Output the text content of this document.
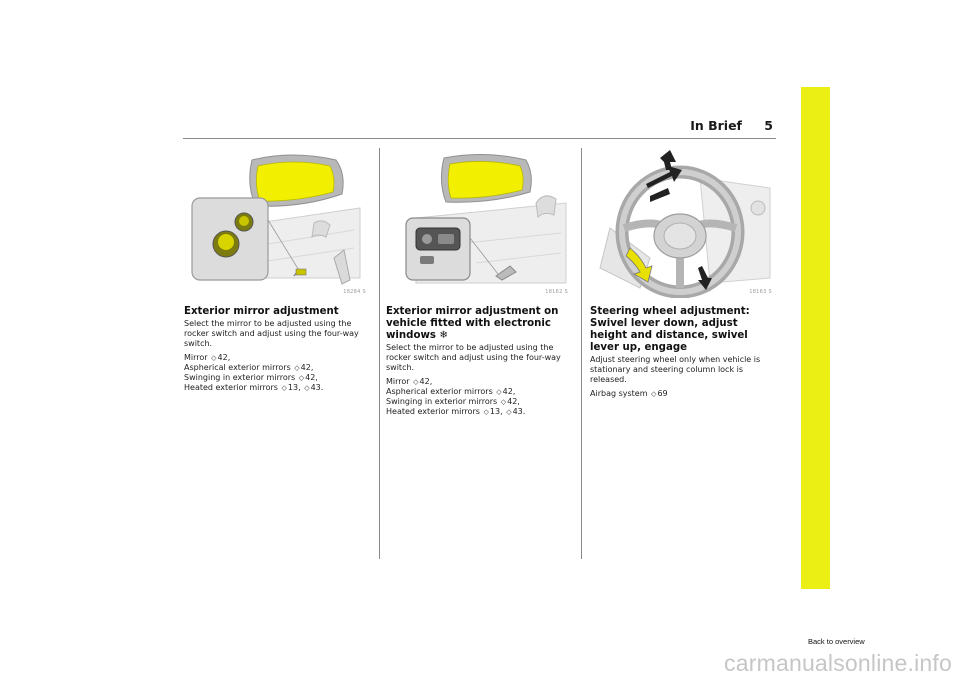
In Brief 5
18284 S
Exterior mirror adjustment

Select the mirror to be adjusted using the rocker switch and adjust using the four-way switch.

Mirror ◇42,
Aspherical exterior mirrors ◇42,
Swinging in exterior mirrors ◇42,
Heated exterior mirrors ◇13, ◇43.

18162 S
Exterior mirror adjustment on vehicle fitted with electronic windows ❄

Select the mirror to be adjusted using the rocker switch and adjust using the four-way switch.

Mirror ◇42,
Aspherical exterior mirrors ◇42,
Swinging in exterior mirrors ◇42,
Heated exterior mirrors ◇13, ◇43.

18163 S
Steering wheel adjustment: Swivel lever down, adjust height and distance, swivel lever up, engage

Adjust steering wheel only when vehicle is stationary and steering column lock is released.

Airbag system ◇69

Back to overview
carmanualsonline.info
